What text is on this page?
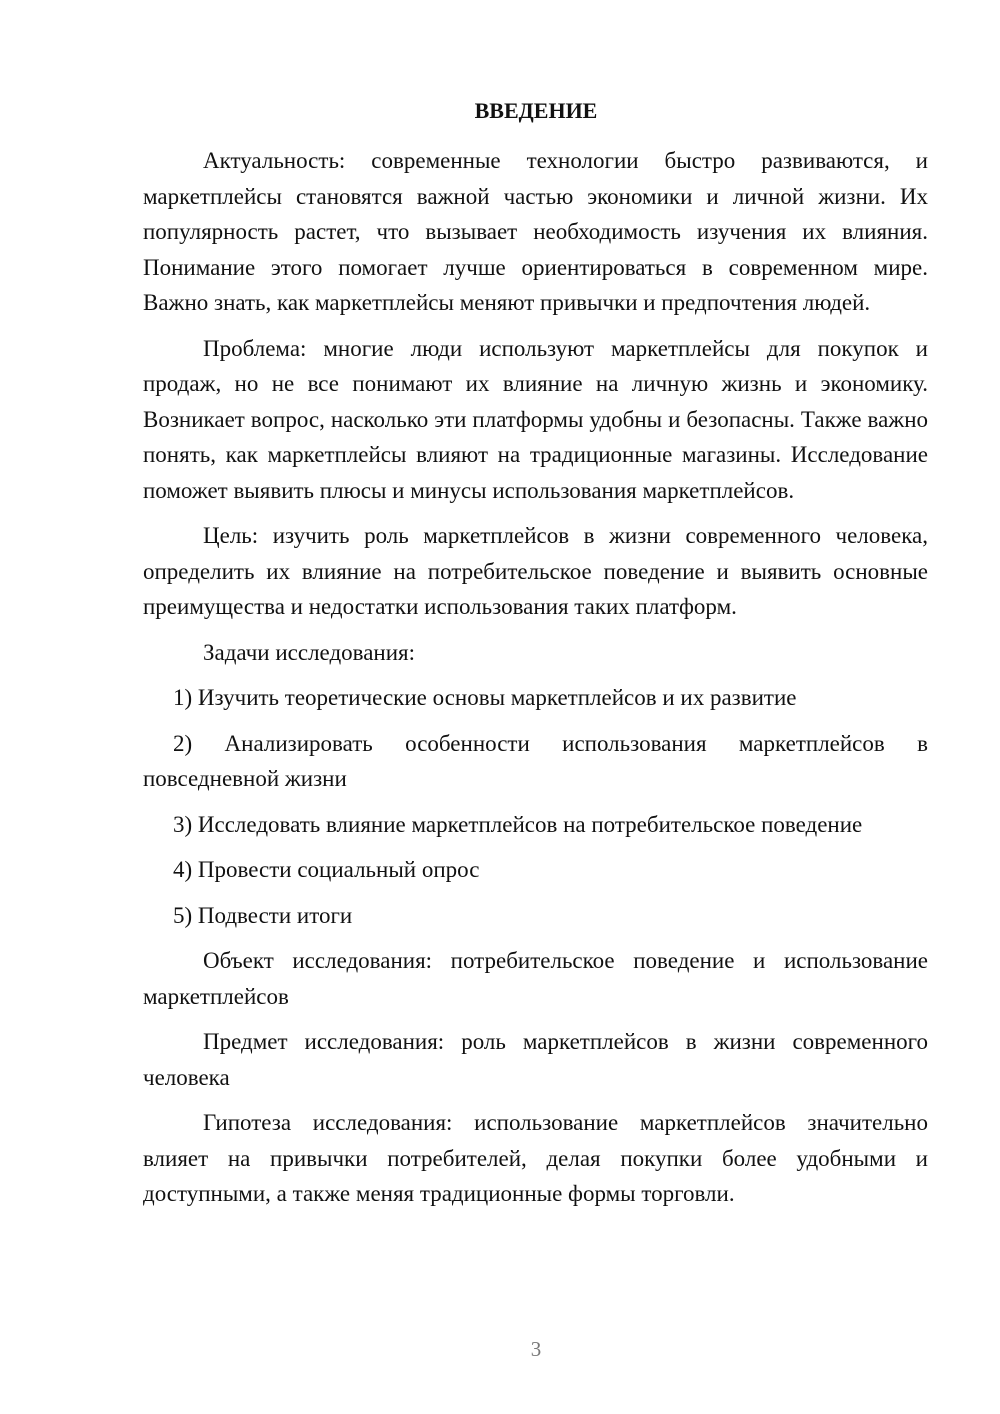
ВВЕДЕНИЕ

Актуальность: современные технологии быстро развиваются, и маркетплейсы становятся важной частью экономики и личной жизни. Их популярность растет, что вызывает необходимость изучения их влияния. Понимание этого помогает лучше ориентироваться в современном мире. Важно знать, как маркетплейсы меняют привычки и предпочтения людей.

Проблема: многие люди используют маркетплейсы для покупок и продаж, но не все понимают их влияние на личную жизнь и экономику. Возникает вопрос, насколько эти платформы удобны и безопасны. Также важно понять, как маркетплейсы влияют на традиционные магазины. Исследование поможет выявить плюсы и минусы использования маркетплейсов.

Цель: изучить роль маркетплейсов в жизни современного человека, определить их влияние на потребительское поведение и выявить основные преимущества и недостатки использования таких платформ.

Задачи исследования:

1) Изучить теоретические основы маркетплейсов и их развитие

2) Анализировать особенности использования маркетплейсов в повседневной жизни

3) Исследовать влияние маркетплейсов на потребительское поведение

4) Провести социальный опрос

5) Подвести итоги

Объект исследования: потребительское поведение и использование маркетплейсов

Предмет исследования: роль маркетплейсов в жизни современного человека

Гипотеза исследования: использование маркетплейсов значительно влияет на привычки потребителей, делая покупки более удобными и доступными, а также меняя традиционные формы торговли.

3
